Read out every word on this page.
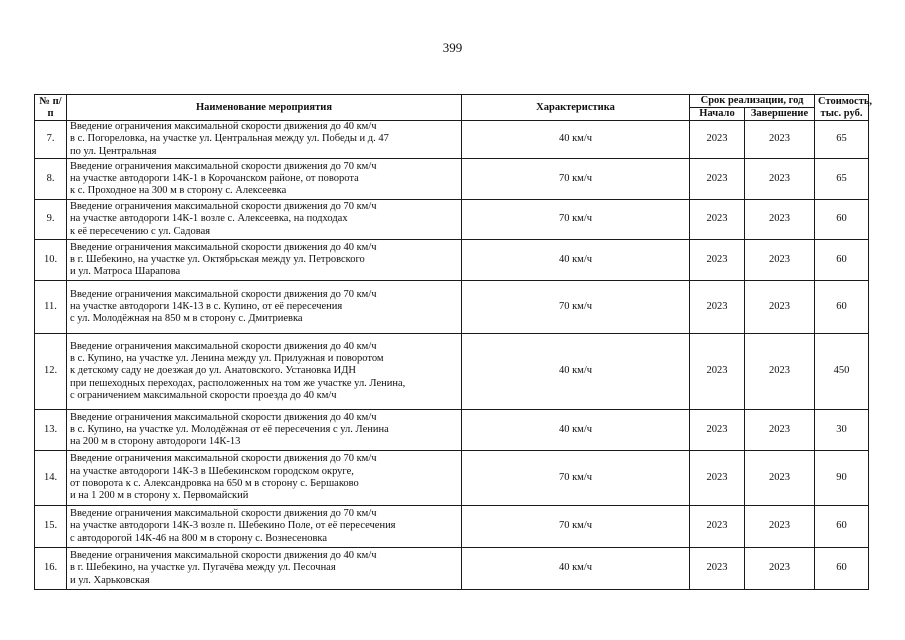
399
№ п/п	Наименование мероприятия	Характеристика	Срок реализации, год		Стоимость, тыс. руб.
			Начало	Завершение	
7.	Введение ограничения максимальной скорости движения до 40 км/ч
в с. Погореловка, на участке ул. Центральная между ул. Победы и д. 47
по ул. Центральная	40 км/ч	2023	2023	65
8.	Введение ограничения максимальной скорости движения до 70 км/ч
на участке автодороги 14К-1 в Корочанском районе, от поворота
к с. Проходное на 300 м в сторону с. Алексеевка	70 км/ч	2023	2023	65
9.	Введение ограничения максимальной скорости движения до 70 км/ч
на участке автодороги 14К-1 возле с. Алексеевка, на подходах
к её пересечению с ул. Садовая	70 км/ч	2023	2023	60
10.	Введение ограничения максимальной скорости движения до 40 км/ч
в г. Шебекино, на участке ул. Октябрьская между ул. Петровского
и ул. Матроса Шарапова	40 км/ч	2023	2023	60
11.	Введение ограничения максимальной скорости движения до 70 км/ч
на участке автодороги 14К-13 в с. Купино, от её пересечения
с ул. Молодёжная на 850 м в сторону с. Дмитриевка	70 км/ч	2023	2023	60
12.	Введение ограничения максимальной скорости движения до 40 км/ч
в с. Купино, на участке ул. Ленина между ул. Прилужная и поворотом
к детскому саду не доезжая до ул. Анатовского. Установка ИДН
при пешеходных переходах, расположенных на том же участке ул. Ленина,
с ограничением максимальной скорости проезда до 40 км/ч	40 км/ч	2023	2023	450
13.	Введение ограничения максимальной скорости движения до 40 км/ч
в с. Купино, на участке ул. Молодёжная от её пересечения с ул. Ленина
на 200 м в сторону автодороги 14К-13	40 км/ч	2023	2023	30
14.	Введение ограничения максимальной скорости движения до 70 км/ч
на участке автодороги 14К-3 в Шебекинском городском округе,
от поворота к с. Александровка на 650 м в сторону с. Бершаково
и на 1 200 м в сторону х. Первомайский	70 км/ч	2023	2023	90
15.	Введение ограничения максимальной скорости движения до 70 км/ч
на участке автодороги 14К-3 возле п. Шебекино Поле, от её пересечения
с автодорогой 14К-46 на 800 м в сторону с. Вознесеновка	70 км/ч	2023	2023	60
16.	Введение ограничения максимальной скорости движения до 40 км/ч
в г. Шебекино, на участке ул. Пугачёва между ул. Песочная
и ул. Харьковская	40 км/ч	2023	2023	60
